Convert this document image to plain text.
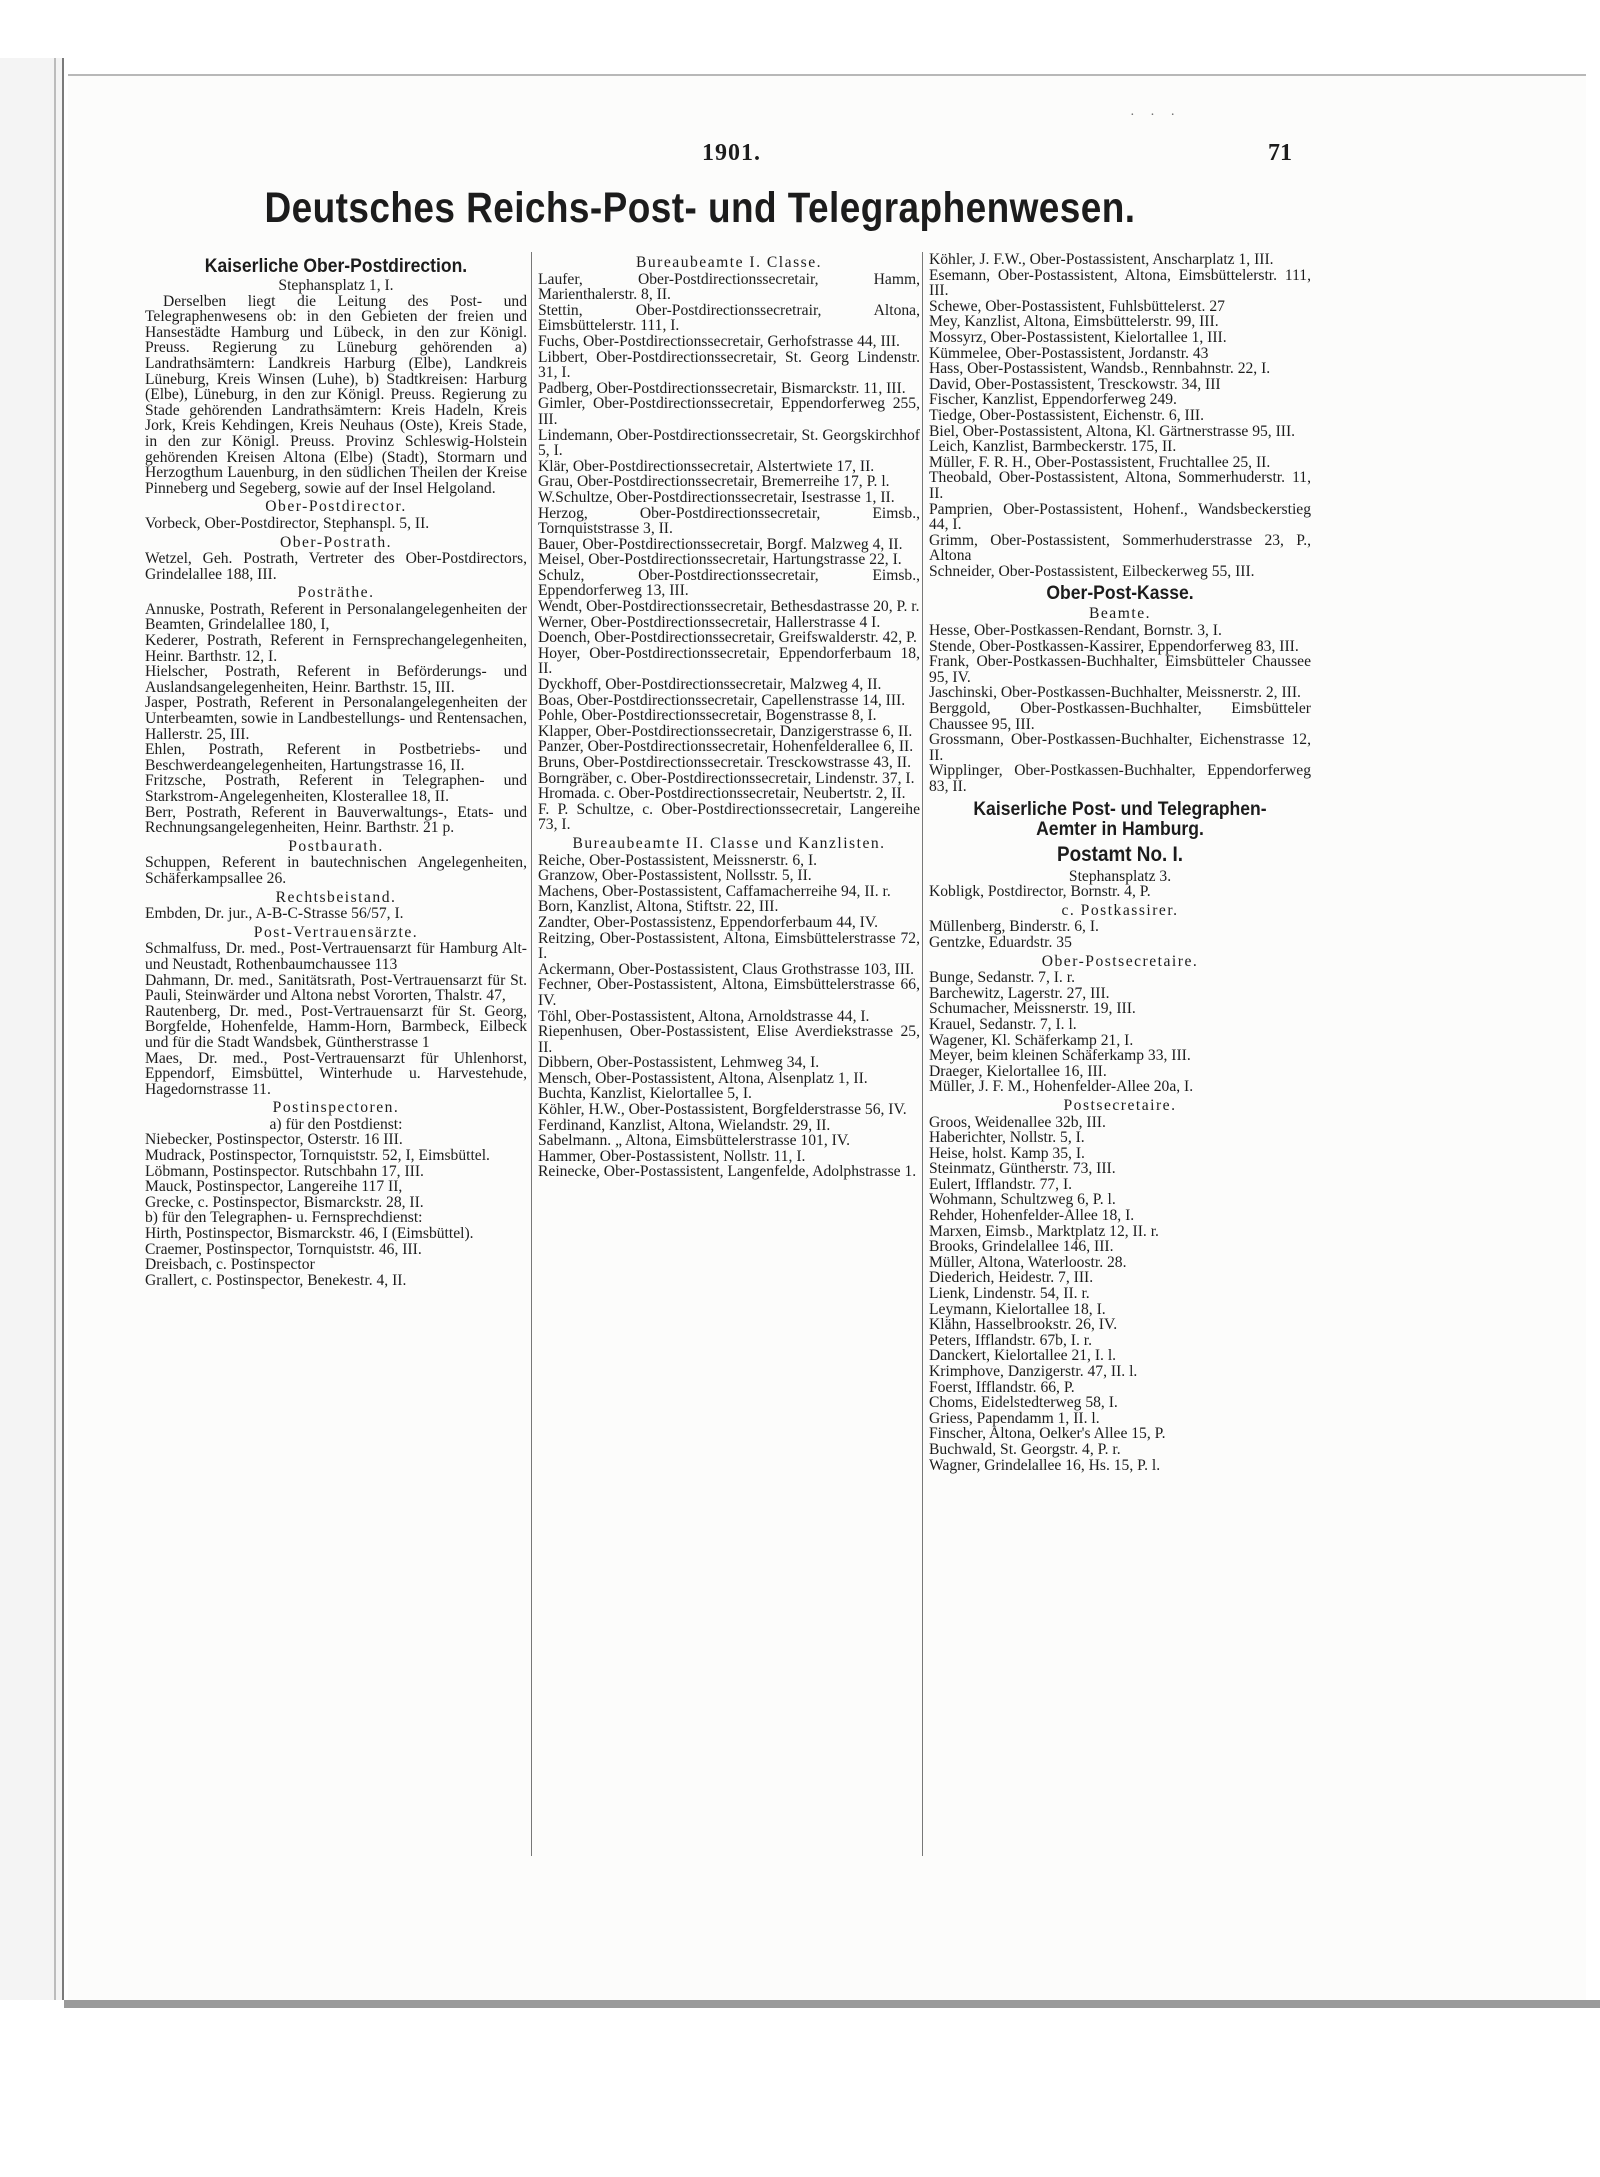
1901.

· · ·

71

Deutsches Reichs-Post- und Telegraphenwesen.

Kaiserliche Ober-Postdirection.

Stephansplatz 1, I.

Derselben liegt die Leitung des Post- und Telegraphenwesens ob: in den Gebieten der freien und Hansestädte Hamburg und Lübeck, in den zur Königl. Preuss. Regierung zu Lüneburg gehörenden a) Landrathsämtern: Landkreis Harburg (Elbe), Landkreis Lüneburg, Kreis Winsen (Luhe), b) Stadtkreisen: Harburg (Elbe), Lüneburg, in den zur Königl. Preuss. Regierung zu Stade gehörenden Landrathsämtern: Kreis Hadeln, Kreis Jork, Kreis Kehdingen, Kreis Neuhaus (Oste), Kreis Stade, in den zur Königl. Preuss. Provinz Schleswig-Holstein gehörenden Kreisen Altona (Elbe) (Stadt), Stormarn und Herzogthum Lauenburg, in den südlichen Theilen der Kreise Pinneberg und Segeberg, sowie auf der Insel Helgoland.

Ober-Postdirector.

Vorbeck, Ober-Postdirector, Stephanspl. 5, II.

Ober-Postrath.

Wetzel, Geh. Postrath, Vertreter des Ober-Postdirectors, Grindelallee 188, III.

Posträthe.

Annuske, Postrath, Referent in Personalangelegenheiten der Beamten, Grindelallee 180, I,

Kederer, Postrath, Referent in Fernsprechangelegenheiten, Heinr. Barthstr. 12, I.

Hielscher, Postrath, Referent in Beförderungs- und Auslandsangelegenheiten, Heinr. Barthstr. 15, III.

Jasper, Postrath, Referent in Personalangelegenheiten der Unterbeamten, sowie in Landbestellungs- und Rentensachen, Hallerstr. 25, III.

Ehlen, Postrath, Referent in Postbetriebs- und Beschwerdeangelegenheiten, Hartungstrasse 16, II.

Fritzsche, Postrath, Referent in Telegraphen- und Starkstrom-Angelegenheiten, Klosterallee 18, II.

Berr, Postrath, Referent in Bauverwaltungs-, Etats- und Rechnungsangelegenheiten, Heinr. Barthstr. 21 p.

Postbaurath.

Schuppen, Referent in bautechnischen Angelegenheiten, Schäferkampsallee 26.

Rechtsbeistand.

Embden, Dr. jur., A-B-C-Strasse 56/57, I.

Post-Vertrauensärzte.

Schmalfuss, Dr. med., Post-Vertrauensarzt für Hamburg Alt- und Neustadt, Rothenbaumchaussee 113

Dahmann, Dr. med., Sanitätsrath, Post-Vertrauensarzt für St. Pauli, Steinwärder und Altona nebst Vororten, Thalstr. 47,

Rautenberg, Dr. med., Post-Vertrauensarzt für St. Georg, Borgfelde, Hohenfelde, Hamm-Horn, Barmbeck, Eilbeck und für die Stadt Wandsbek, Güntherstrasse 1

Maes, Dr. med., Post-Vertrauensarzt für Uhlenhorst, Eppendorf, Eimsbüttel, Winterhude u. Harvestehude, Hagedornstrasse 11.

Postinspectoren.

a) für den Postdienst:

Niebecker, Postinspector, Osterstr. 16 III.

Mudrack, Postinspector, Tornquiststr. 52, I, Eimsbüttel.

Löbmann, Postinspector. Rutschbahn 17, III.

Mauck, Postinspector, Langereihe 117 II,

Grecke, c. Postinspector, Bismarckstr. 28, II.

b) für den Telegraphen- u. Fernsprechdienst:

Hirth, Postinspector, Bismarckstr. 46, I (Eimsbüttel).

Craemer, Postinspector, Tornquiststr. 46, III.

Dreisbach, c. Postinspector

Grallert, c. Postinspector, Benekestr. 4, II.

Bureaubeamte I. Classe.

Laufer, Ober-Postdirectionssecretair, Hamm, Marienthalerstr. 8, II.

Stettin, Ober-Postdirectionssecretrair, Altona, Eimsbüttelerstr. 111, I.

Fuchs, Ober-Postdirectionssecretair, Gerhofstrasse 44, III.

Libbert, Ober-Postdirectionssecretair, St. Georg Lindenstr. 31, I.

Padberg, Ober-Postdirectionssecretair, Bismarckstr. 11, III.

Gimler, Ober-Postdirectionssecretair, Eppendorferweg 255, III.

Lindemann, Ober-Postdirectionssecretair, St. Georgskirchhof 5, I.

Klär, Ober-Postdirectionssecretair, Alstertwiete 17, II.

Grau, Ober-Postdirectionssecretair, Bremerreihe 17, P. l.

W.Schultze, Ober-Postdirectionssecretair, Isestrasse 1, II.

Herzog, Ober-Postdirectionssecretair, Eimsb., Tornquiststrasse 3, II.

Bauer, Ober-Postdirectionssecretair, Borgf. Malzweg 4, II.

Meisel, Ober-Postdirectionssecretair, Hartungstrasse 22, I.

Schulz, Ober-Postdirectionssecretair, Eimsb., Eppendorferweg 13, III.

Wendt, Ober-Postdirectionssecretair, Bethesdastrasse 20, P. r.

Werner, Ober-Postdirectionssecretair, Hallerstrasse 4 I.

Doench, Ober-Postdirectionssecretair, Greifswalderstr. 42, P.

Hoyer, Ober-Postdirectionssecretair, Eppendorferbaum 18, II.

Dyckhoff, Ober-Postdirectionssecretair, Malzweg 4, II.

Boas, Ober-Postdirectionssecretair, Capellenstrasse 14, III.

Pohle, Ober-Postdirectionssecretair, Bogenstrasse 8, I.

Klapper, Ober-Postdirectionssecretair, Danzigerstrasse 6, II.

Panzer, Ober-Postdirectionssecretair, Hohenfelderallee 6, II.

Bruns, Ober-Postdirectionssecretair. Tresckowstrasse 43, II.

Borngräber, c. Ober-Postdirectionssecretair, Lindenstr. 37, I.

Hromada. c. Ober-Postdirectionssecretair, Neubertstr. 2, II.

F. P. Schultze, c. Ober-Postdirectionssecretair, Langereihe 73, I.

Bureaubeamte II. Classe und Kanzlisten.

Reiche, Ober-Postassistent, Meissnerstr. 6, I.

Granzow, Ober-Postassistent, Nollsstr. 5, II.

Machens, Ober-Postassistent, Caffamacherreihe 94, II. r.

Born, Kanzlist, Altona, Stiftstr. 22, III.

Zandter, Ober-Postassistenz, Eppendorferbaum 44, IV.

Reitzing, Ober-Postassistent, Altona, Eimsbüttelerstrasse 72, I.

Ackermann, Ober-Postassistent, Claus Grothstrasse 103, III.

Fechner, Ober-Postassistent, Altona, Eimsbüttelerstrasse 66, IV.

Töhl, Ober-Postassistent, Altona, Arnoldstrasse 44, I.

Riepenhusen, Ober-Postassistent, Elise Averdiekstrasse 25, II.

Dibbern, Ober-Postassistent, Lehmweg 34, I.

Mensch, Ober-Postassistent, Altona, Alsenplatz 1, II.

Buchta, Kanzlist, Kielortallee 5, I.

Köhler, H.W., Ober-Postassistent, Borgfelderstrasse 56, IV.

Ferdinand, Kanzlist, Altona, Wielandstr. 29, II.

Sabelmann. „ Altona, Eimsbüttelerstrasse 101, IV.

Hammer, Ober-Postassistent, Nollstr. 11, I.

Reinecke, Ober-Postassistent, Langenfelde, Adolphstrasse 1.

Köhler, J. F.W., Ober-Postassistent, Anscharplatz 1, III.

Esemann, Ober-Postassistent, Altona, Eimsbüttelerstr. 111, III.

Schewe, Ober-Postassistent, Fuhlsbüttelerst. 27

Mey, Kanzlist, Altona, Eimsbüttelerstr. 99, III.

Mossyrz, Ober-Postassistent, Kielortallee 1, III.

Kümmelee, Ober-Postassistent, Jordanstr. 43

Hass, Ober-Postassistent, Wandsb., Rennbahnstr. 22, I.

David, Ober-Postassistent, Tresckowstr. 34, III

Fischer, Kanzlist, Eppendorferweg 249.

Tiedge, Ober-Postassistent, Eichenstr. 6, III.

Biel, Ober-Postassistent, Altona, Kl. Gärtnerstrasse 95, III.

Leich, Kanzlist, Barmbeckerstr. 175, II.

Müller, F. R. H., Ober-Postassistent, Fruchtallee 25, II.

Theobald, Ober-Postassistent, Altona, Sommerhuderstr. 11, II.

Pamprien, Ober-Postassistent, Hohenf., Wandsbeckerstieg 44, I.

Grimm, Ober-Postassistent, Sommerhuderstrasse 23, P., Altona

Schneider, Ober-Postassistent, Eilbeckerweg 55, III.

Ober-Post-Kasse.

Beamte.

Hesse, Ober-Postkassen-Rendant, Bornstr. 3, I.

Stende, Ober-Postkassen-Kassirer, Eppendorferweg 83, III.

Frank, Ober-Postkassen-Buchhalter, Eimsbütteler Chaussee 95, IV.

Jaschinski, Ober-Postkassen-Buchhalter, Meissnerstr. 2, III.

Berggold, Ober-Postkassen-Buchhalter, Eimsbütteler Chaussee 95, III.

Grossmann, Ober-Postkassen-Buchhalter, Eichenstrasse 12, II.

Wipplinger, Ober-Postkassen-Buchhalter, Eppendorferweg 83, II.

Kaiserliche Post- und Telegraphen-Aemter in Hamburg.

Postamt No. I.

Stephansplatz 3.

Kobligk, Postdirector, Bornstr. 4, P.

c. Postkassirer.

Müllenberg, Binderstr. 6, I.

Gentzke, Eduardstr. 35

Ober-Postsecretaire.

Bunge, Sedanstr. 7, I. r.

Barchewitz, Lagerstr. 27, III.

Schumacher, Meissnerstr. 19, III.

Krauel, Sedanstr. 7, I. l.

Wagener, Kl. Schäferkamp 21, I.

Meyer, beim kleinen Schäferkamp 33, III.

Draeger, Kielortallee 16, III.

Müller, J. F. M., Hohenfelder-Allee 20a, I.

Postsecretaire.

Groos, Weidenallee 32b, III.

Haberichter, Nollstr. 5, I.

Heise, holst. Kamp 35, I.

Steinmatz, Güntherstr. 73, III.

Eulert, Ifflandstr. 77, I.

Wohmann, Schultzweg 6, P. l.

Rehder, Hohenfelder-Allee 18, I.

Marxen, Eimsb., Marktplatz 12, II. r.

Brooks, Grindelallee 146, III.

Müller, Altona, Waterloostr. 28.

Diederich, Heidestr. 7, III.

Lienk, Lindenstr. 54, II. r.

Leymann, Kielortallee 18, I.

Klähn, Hasselbrookstr. 26, IV.

Peters, Ifflandstr. 67b, I. r.

Danckert, Kielortallee 21, I. l.

Krimphove, Danzigerstr. 47, II. l.

Foerst, Ifflandstr. 66, P.

Choms, Eidelstedterweg 58, I.

Griess, Papendamm 1, II. l.

Finscher, Altona, Oelker's Allee 15, P.

Buchwald, St. Georgstr. 4, P. r.

Wagner, Grindelallee 16, Hs. 15, P. l.
